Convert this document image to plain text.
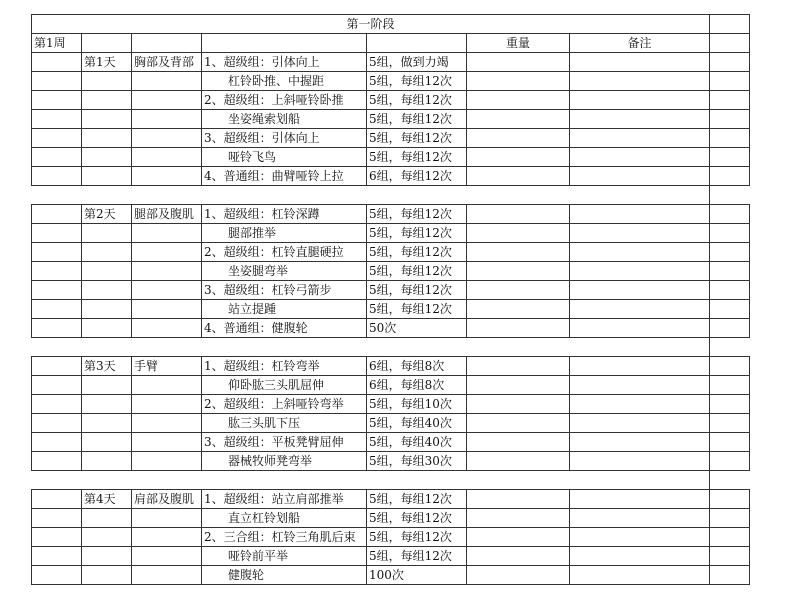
第一阶段							
第1周					重量	备注	
	第1天	胸部及背部	1、超级组：引体向上	5组，做到力竭			
			　　杠铃卧推、中握距	5组，每组12次			
			2、超级组：上斜哑铃卧推	5组，每组12次			
			　　坐姿绳索划船	5组，每组12次			
			3、超级组：引体向上	5组，每组12次			
			　　哑铃飞鸟	5组，每组12次			
			4、普通组：曲臂哑铃上拉	6组，每组12次			

	第2天	腿部及腹肌	1、超级组：杠铃深蹲	5组，每组12次			
			　　腿部推举	5组，每组12次			
			2、超级组：杠铃直腿硬拉	5组，每组12次			
			　　坐姿腿弯举	5组，每组12次			
			3、超级组：杠铃弓箭步	5组，每组12次			
			　　站立提踵	5组，每组12次			
			4、普通组：健腹轮	50次			

	第3天	手臂	1、超级组：杠铃弯举	6组，每组8次			
			　　仰卧肱三头肌屈伸	6组，每组8次			
			2、超级组：上斜哑铃弯举	5组，每组10次			
			　　肱三头肌下压	5组，每组40次			
			3、超级组：平板凳臂屈伸	5组，每组40次			
			　　器械牧师凳弯举	5组，每组30次			

	第4天	肩部及腹肌	1、超级组：站立肩部推举	5组，每组12次			
			　　直立杠铃划船	5组，每组12次			
			2、三合组：杠铃三角肌后束	5组，每组12次			
			　　哑铃前平举	5组，每组12次			
			　　健腹轮	100次			
